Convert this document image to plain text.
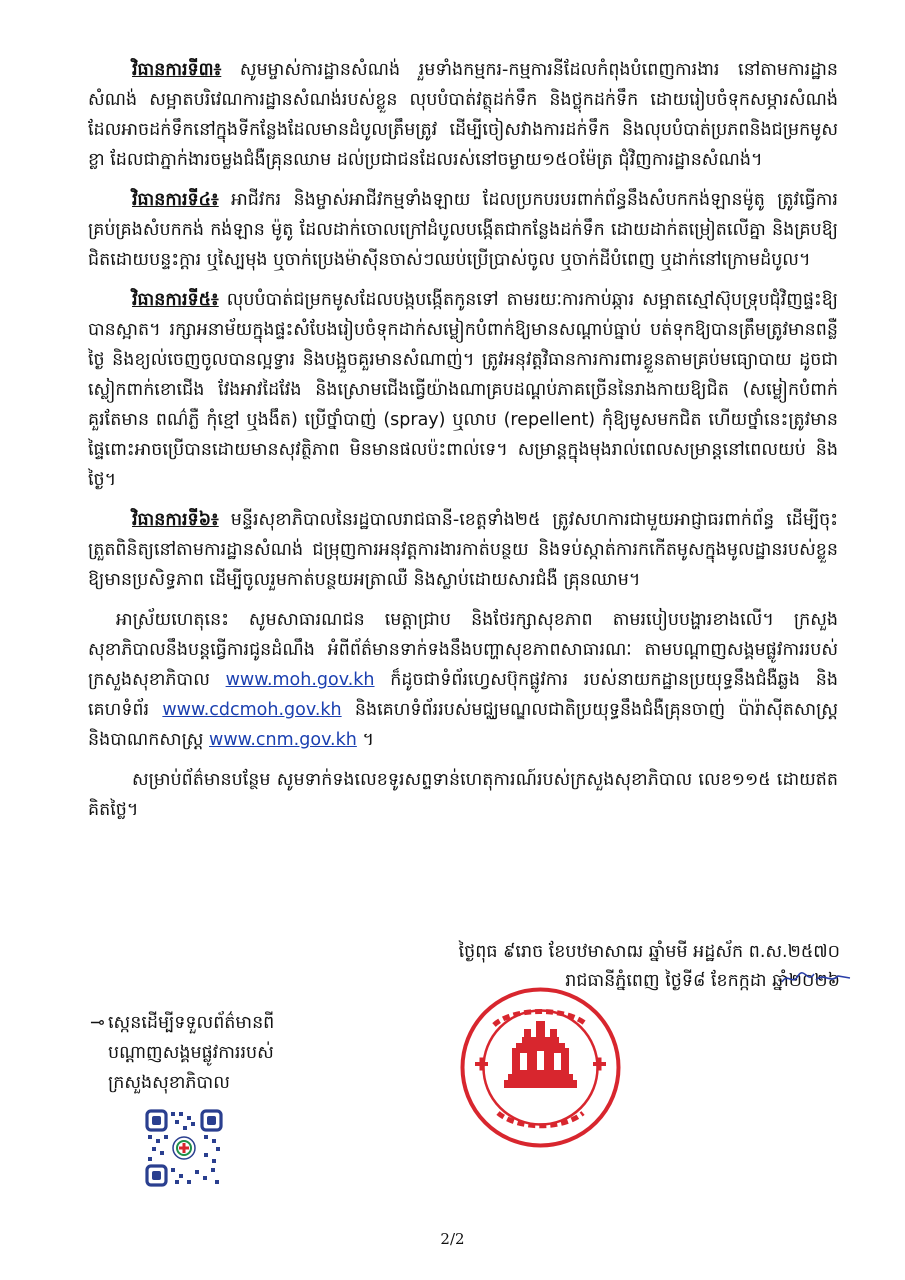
វិធានការទី៣៖ សូមម្ចាស់ការដ្ឋានសំណង់ រួមទាំងកម្មករ-កម្មការនីដែលកំពុងបំពេញការងារ នៅតាមការដ្ឋានសំណង់ សម្អាតបរិវេណការដ្ឋានសំណង់របស់ខ្លួន លុបបំបាត់វត្ថុដក់ទឹក និងថ្លុកដក់ទឹក ដោយរៀបចំទុកសម្ភារសំណង់ដែលអាចដក់ទឹកនៅក្នុងទីកន្លែងដែលមានដំបូលត្រឹមត្រូវ ដើម្បីចៀសវាងការដក់ទឹក និងលុបបំបាត់ប្រភពនិងជម្រកមូសខ្លា ដែលជាភ្នាក់ងារចម្លងជំងឺគ្រុនឈាម ដល់ប្រជាជនដែលរស់នៅចម្ងាយ១៥០ម៉ែត្រ ជុំវិញការដ្ឋានសំណង់។

វិធានការទី៤៖ អាជីវករ និងម្ចាស់អាជីវកម្មទាំងឡាយ ដែលប្រកបរបរពាក់ព័ន្ធនឹងសំបកកង់ឡានម៉ូតូ ត្រូវធ្វើការគ្រប់គ្រងសំបកកង់ កង់ឡាន ម៉ូតូ ដែលដាក់ចោលក្រៅដំបូលបង្កើតជាកន្លែងដក់ទឹក ដោយដាក់តម្រៀតលើគ្នា និងគ្របឱ្យជិតដោយបន្ទះក្តារ ឬស្បៃមុង ឬចាក់ប្រេងម៉ាស៊ីនចាស់ៗឈប់ប្រើប្រាស់ចូល ឬចាក់ដីបំពេញ ឬដាក់នៅក្រោមដំបូល។

វិធានការទី៥៖ លុបបំបាត់ជម្រកមូសដែលបង្កបង្កើតកូនទៅ តាមរយៈការកាប់ឆ្ការ សម្អាតស្មៅស៊ុបទ្រុបជុំវិញផ្ទះឱ្យបានស្អាត។ រក្សាអនាម័យក្នុងផ្ទះសំបែងរៀបចំទុកដាក់សម្លៀកបំពាក់ឱ្យមានសណ្តាប់ធ្នាប់ បត់ទុកឱ្យបានត្រឹមត្រូវមានពន្លឺថ្ងៃ និងខ្យល់ចេញចូលបានល្អទ្វារ និងបង្អួចគួរមានសំណាញ់។ ត្រូវអនុវត្តវិធានការការពារខ្លួនតាមគ្រប់មធ្យោបាយ ដូចជាស្លៀកពាក់ខោជើង វែងអាវដៃវែង និងស្រោមជើងធ្វើយ៉ាងណាគ្របដណ្តប់ភាគច្រើននៃរាងកាយឱ្យជិត (សម្លៀកបំពាក់គួរតែមាន ពណ៌ភ្លឺ កុំខ្មៅ ឬងងឹត) ប្រើថ្នាំបាញ់ (spray) ឬលាប (repellent) កុំឱ្យមូសមកជិត ហើយថ្នាំនេះត្រូវមានផ្ទៃពោះអាចប្រើបានដោយមានសុវត្ថិភាព មិនមានផលប៉ះពាល់ទេ។ សម្រាន្តក្នុងមុងរាល់ពេលសម្រាន្តនៅពេលយប់ និងថ្ងៃ។

វិធានការទី៦៖ មន្ទីរសុខាភិបាលនៃរដ្ឋបាលរាជធានី-ខេត្តទាំង២៥ ត្រូវសហការជាមួយអាជ្ញាធរពាក់ព័ន្ធ ដើម្បីចុះត្រួតពិនិត្យនៅតាមការដ្ឋានសំណង់ ជម្រុញការអនុវត្តការងារកាត់បន្ថយ និងទប់ស្កាត់ការកកើតមូសក្នុងមូលដ្ឋានរបស់ខ្លួនឱ្យមានប្រសិទ្ធភាព ដើម្បីចូលរួមកាត់បន្ថយអត្រាឈឺ និងស្លាប់ដោយសារជំងឺ គ្រុនឈាម។

អាស្រ័យហេតុនេះ សូមសាធារណជន មេត្តាជ្រាប និងថែរក្សាសុខភាព តាមរបៀបបង្ហារខាងលើ។ ក្រសួងសុខាភិបាលនឹងបន្តធ្វើការជូនដំណឹង អំពីព័ត៌មានទាក់ទងនឹងបញ្ហាសុខភាពសាធារណៈ តាមបណ្តាញសង្គមផ្លូវការរបស់ក្រសួងសុខាភិបាល www.moh.gov.kh ក៏ដូចជាទំព័រហ្វេសប៊ុកផ្លូវការ របស់នាយកដ្ឋានប្រយុទ្ធនឹងជំងឺឆ្លង និងគេហទំព័រ www.cdcmoh.gov.kh និងគេហទំព័ររបស់មជ្ឈមណ្ឌលជាតិប្រយុទ្ធនឹងជំងឺគ្រុនចាញ់ ប៉ារ៉ាស៊ីតសាស្ត្រ និងបាណកសាស្ត្រ www.cnm.gov.kh ។

សម្រាប់ព័ត៌មានបន្ថែម សូមទាក់ទងលេខទូរសព្ទទាន់ហេតុការណ៍របស់ក្រសួងសុខាភិបាល លេខ១១៥ ដោយឥតគិតថ្លៃ។

ថ្ងៃពុធ ៩រោច ខែបឋមាសាឍ ឆ្នាំមមី អដ្ឋស័ក ព.ស.២៥៧០
រាជធានីភ្នំពេញ ថ្ងៃទី៨ ខែកក្កដា ឆ្នាំ២០២៦
⊸ ស្កេនដើម្បីទទួលព័ត៌មានពី
បណ្តាញសង្គមផ្លូវការរបស់
ក្រសួងសុខាភិបាល
2/2
